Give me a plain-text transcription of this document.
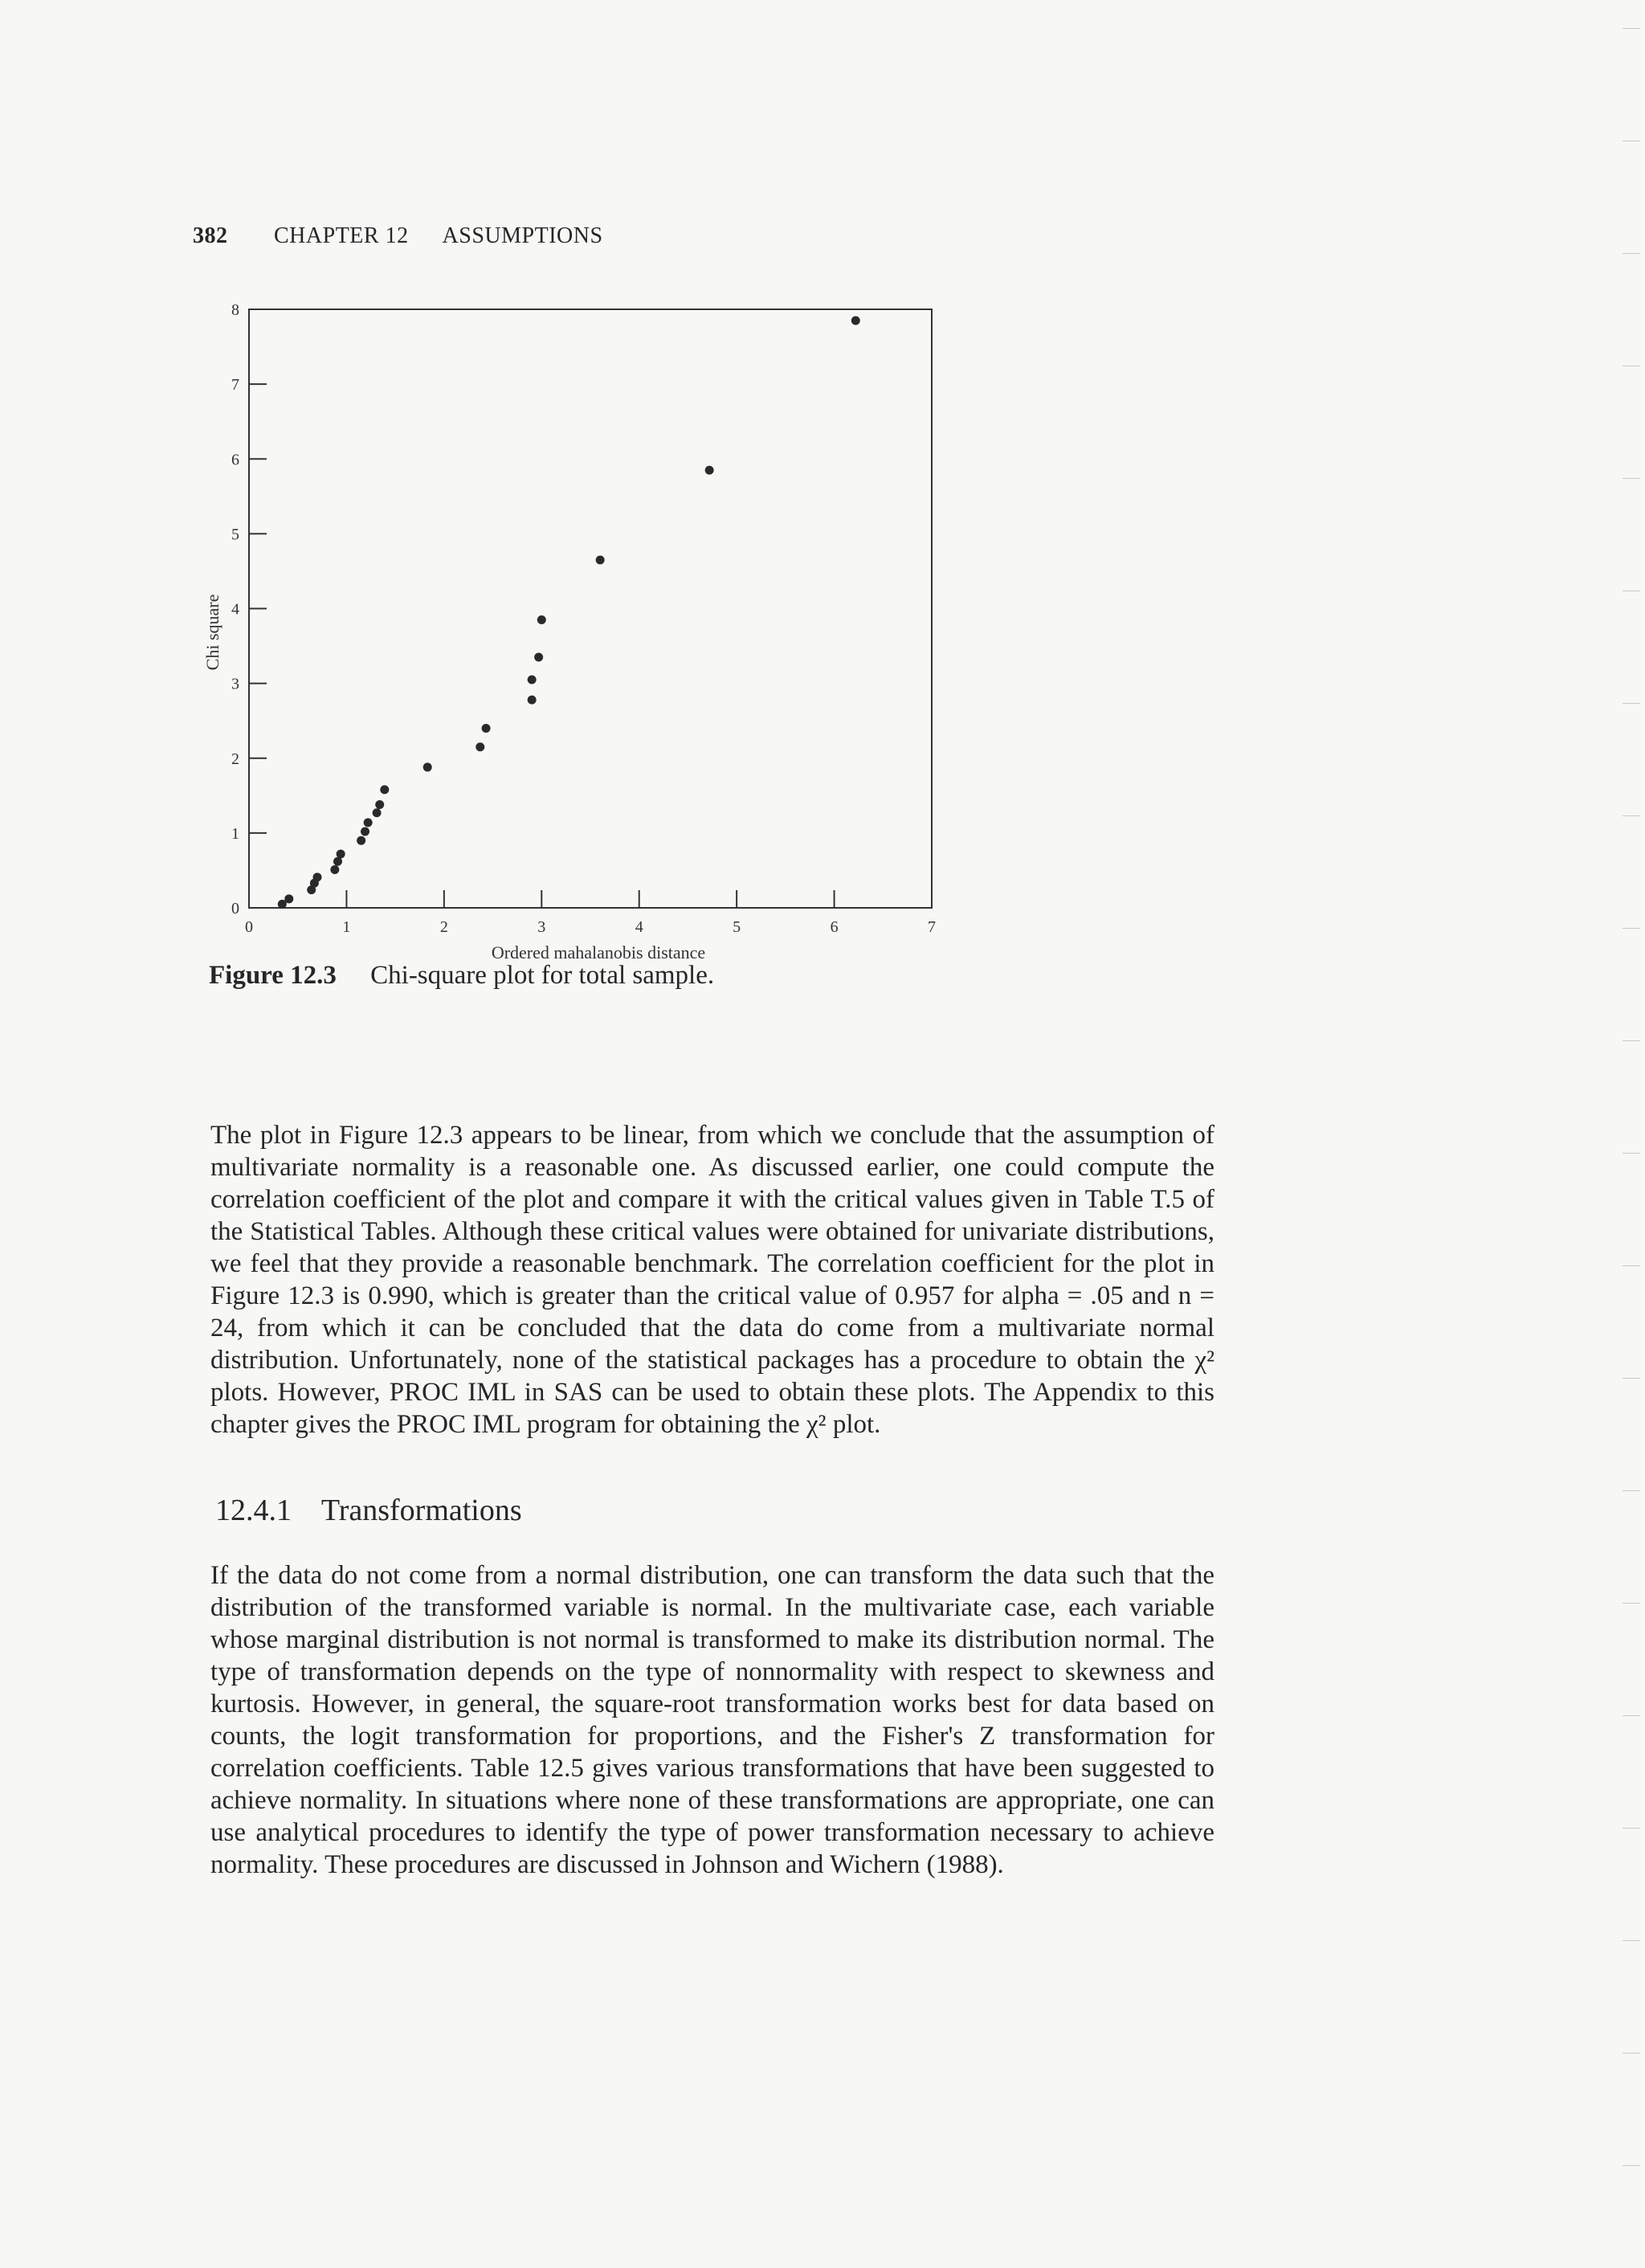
382 CHAPTER 12 ASSUMPTIONS
0
1
2
3
4
5
6
7
8
0	1	2	3	4	5	6	7
Ordered mahalanobis distance
Chi square
Figure 12.3 Chi-square plot for total sample.

The plot in Figure 12.3 appears to be linear, from which we conclude that the assumption of multivariate normality is a reasonable one. As discussed earlier, one could compute the correlation coefficient of the plot and compare it with the critical values given in Table T.5 of the Statistical Tables. Although these critical values were obtained for univariate distributions, we feel that they provide a reasonable benchmark. The correlation coefficient for the plot in Figure 12.3 is 0.990, which is greater than the critical value of 0.957 for alpha = .05 and n = 24, from which it can be concluded that the data do come from a multivariate normal distribution. Unfortunately, none of the statistical packages has a procedure to obtain the χ² plots. However, PROC IML in SAS can be used to obtain these plots. The Appendix to this chapter gives the PROC IML program for obtaining the χ² plot.

12.4.1 Transformations

If the data do not come from a normal distribution, one can transform the data such that the distribution of the transformed variable is normal. In the multivariate case, each variable whose marginal distribution is not normal is transformed to make its distribution normal. The type of transformation depends on the type of nonnormality with respect to skewness and kurtosis. However, in general, the square-root transformation works best for data based on counts, the logit transformation for proportions, and the Fisher's Z transformation for correlation coefficients. Table 12.5 gives various transformations that have been suggested to achieve normality. In situations where none of these transformations are appropriate, one can use analytical procedures to identify the type of power transformation necessary to achieve normality. These procedures are discussed in Johnson and Wichern (1988).
